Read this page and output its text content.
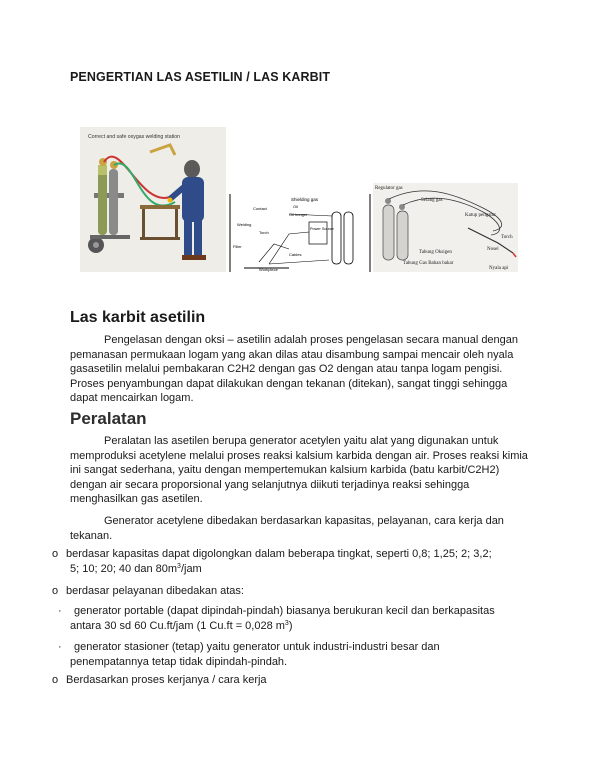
PENGERTIAN LAS ASETILIN / LAS KARBIT
Correct and safe oxygas welding station
Shielding gas
Contact
Welding
Torch
Filler
Oil
Oil hunger
Power Source
Cables
Workpiece
Regulator gas
Selang gas
Katup pengatur
Torch
Nosel
Tabung Oksigen
Tabung Gas Bahan bakar
Nyala api
Las karbit asetilin
Pengelasan dengan oksi – asetilin adalah proses pengelasan secara manual dengan pemanasan permukaan logam yang akan dilas atau disambung sampai mencair oleh nyala gasasetilin melalui pembakaran C2H2 dengan gas O2 dengan atau tanpa logam pengisi. Proses penyambungan dapat dilakukan dengan tekanan (ditekan), sangat tinggi sehingga dapat mencairkan logam.
Peralatan
Peralatan las asetilen berupa generator acetylen yaitu alat yang digunakan untuk memproduksi acetylene melalui proses reaksi kalsium karbida dengan air. Proses reaksi kimia ini sangat sederhana, yaitu dengan mempertemukan kalsium karbida (batu karbit/C2H2) dengan air secara proporsional yang selanjutnya diikuti terjadinya reaksi sehingga menghasilkan gas asetilen.
Generator acetylene dibedakan berdasarkan kapasitas, pelayanan, cara kerja dan tekanan.
o berdasar kapasitas dapat digolongkan dalam beberapa tingkat, seperti 0,8; 1,25; 2; 3,2;
5; 10; 20; 40 dan $80m^3$/jam
o berdasar pelayanan dibedakan atas:
·	generator portable (dapat dipindah-pindah) biasanya berukuran kecil dan berkapasitas
antara 30 sd 60 Cu.ft/jam (1 Cu.ft = 0,028 $m^3$)
·	generator stasioner (tetap) yaitu generator untuk industri-industri besar dan
penempatannya tetap tidak dipindah-pindah.
o Berdasarkan proses kerjanya / cara kerja
